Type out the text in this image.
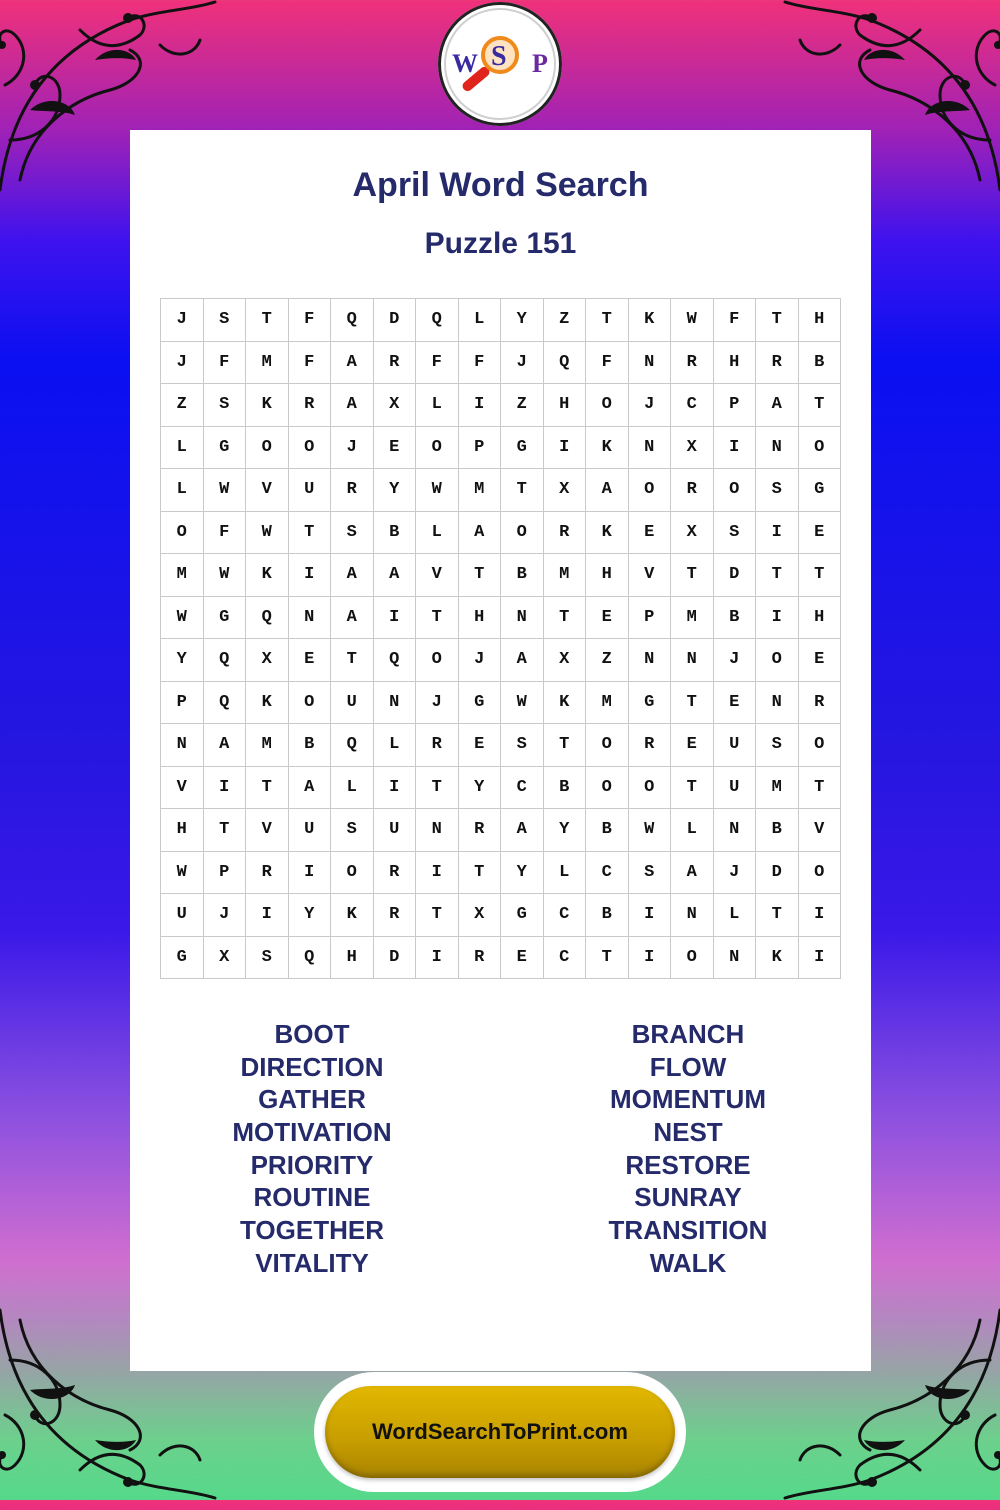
W S P
April Word Search
Puzzle 151
J	S	T	F	Q	D	Q	L	Y	Z	T	K	W	F	T	H
J	F	M	F	A	R	F	F	J	Q	F	N	R	H	R	B
Z	S	K	R	A	X	L	I	Z	H	O	J	C	P	A	T
L	G	O	O	J	E	O	P	G	I	K	N	X	I	N	O
L	W	V	U	R	Y	W	M	T	X	A	O	R	O	S	G
O	F	W	T	S	B	L	A	O	R	K	E	X	S	I	E
M	W	K	I	A	A	V	T	B	M	H	V	T	D	T	T
W	G	Q	N	A	I	T	H	N	T	E	P	M	B	I	H
Y	Q	X	E	T	Q	O	J	A	X	Z	N	N	J	O	E
P	Q	K	O	U	N	J	G	W	K	M	G	T	E	N	R
N	A	M	B	Q	L	R	E	S	T	O	R	E	U	S	O
V	I	T	A	L	I	T	Y	C	B	O	O	T	U	M	T
H	T	V	U	S	U	N	R	A	Y	B	W	L	N	B	V
W	P	R	I	O	R	I	T	Y	L	C	S	A	J	D	O
U	J	I	Y	K	R	T	X	G	C	B	I	N	L	T	I
G	X	S	Q	H	D	I	R	E	C	T	I	O	N	K	I
BOOT
DIRECTION
GATHER
MOTIVATION
PRIORITY
ROUTINE
TOGETHER
VITALITY
BRANCH
FLOW
MOMENTUM
NEST
RESTORE
SUNRAY
TRANSITION
WALK
WordSearchToPrint.com
